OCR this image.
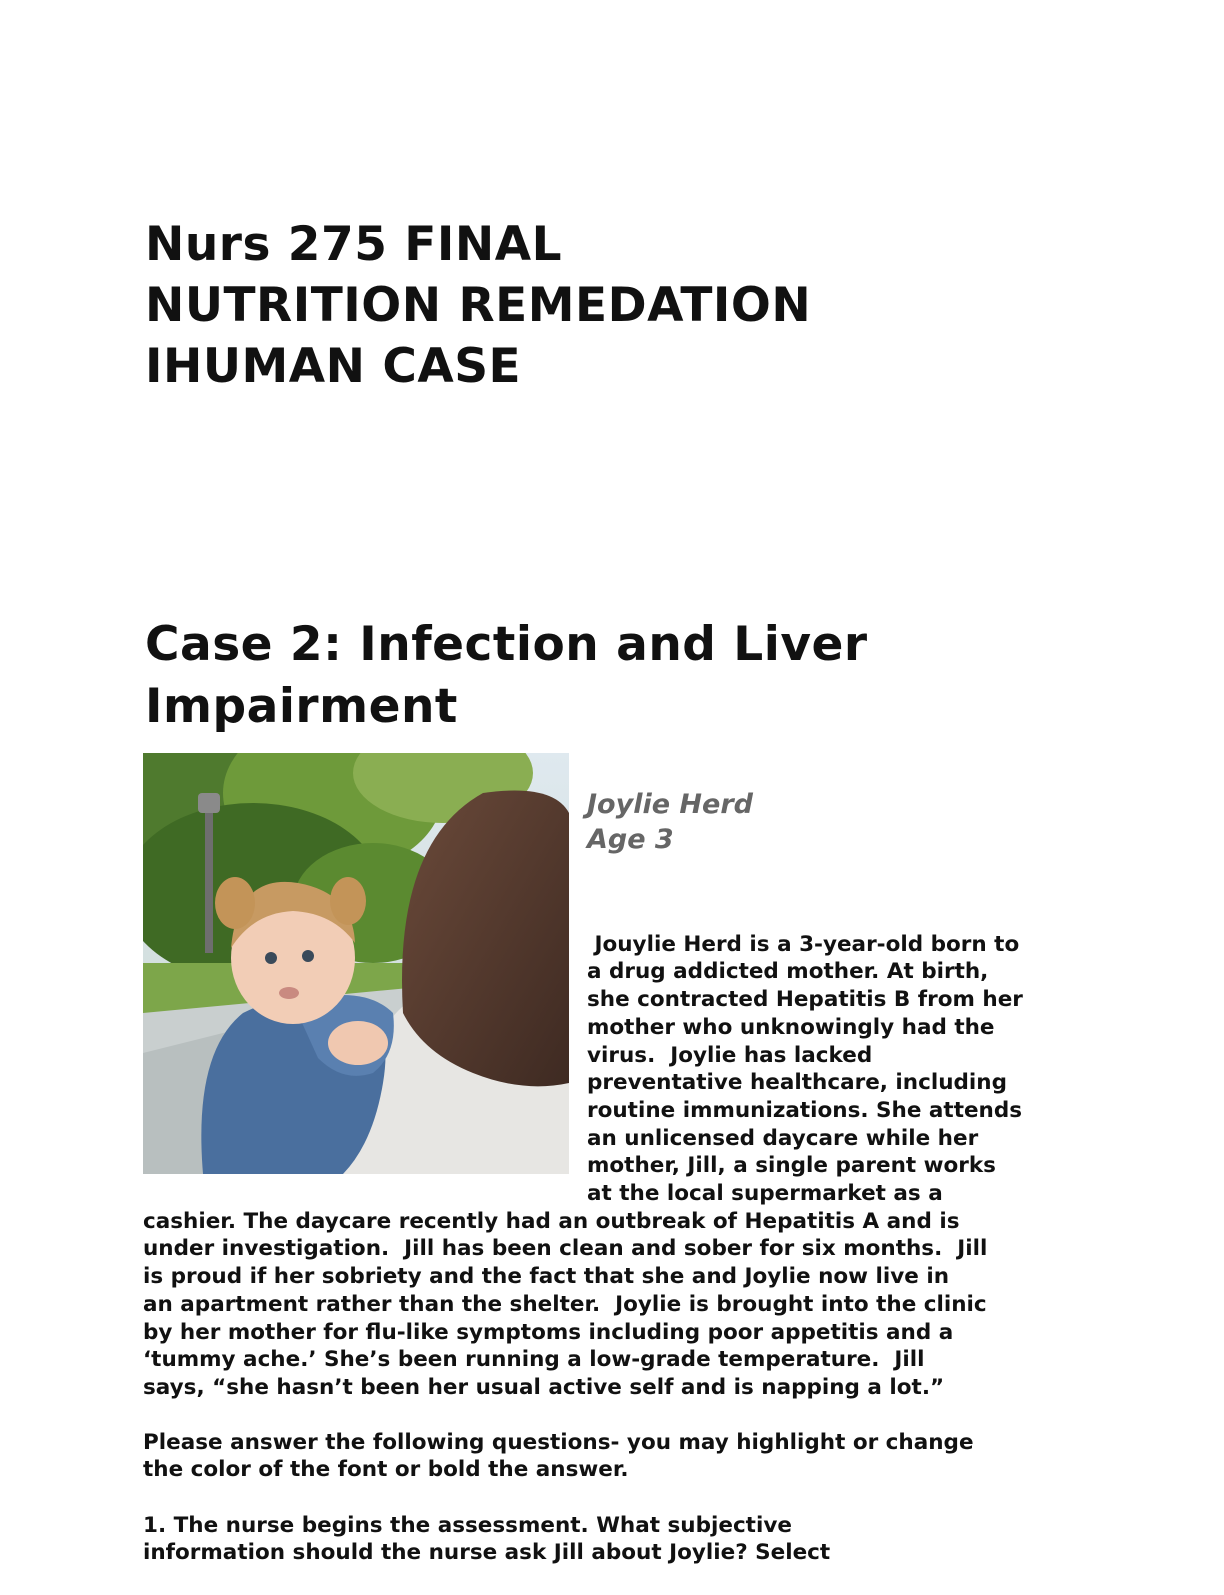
Nurs 275 FINAL
NUTRITION REMEDATION
IHUMAN CASE
Case 2: Infection and Liver Impairment
Joylie Herd
Age 3

Jouylie Herd is a 3-year-old born to
a drug addicted mother. At birth,
she contracted Hepatitis B from her
mother who unknowingly had the
virus.  Joylie has lacked
preventative healthcare, including
routine immunizations. She attends
an unlicensed daycare while her
mother, Jill, a single parent works
at the local supermarket as a

cashier. The daycare recently had an outbreak of Hepatitis A and is
under investigation.  Jill has been clean and sober for six months.  Jill
is proud if her sobriety and the fact that she and Joylie now live in
an apartment rather than the shelter.  Joylie is brought into the clinic
by her mother for flu-like symptoms including poor appetitis and a
‘tummy ache.’ She’s been running a low-grade temperature.  Jill
says, “she hasn’t been her usual active self and is napping a lot.”

Please answer the following questions- you may highlight or change
the color of the font or bold the answer.

1. The nurse begins the assessment. What subjective
information should the nurse ask Jill about Joylie? Select
